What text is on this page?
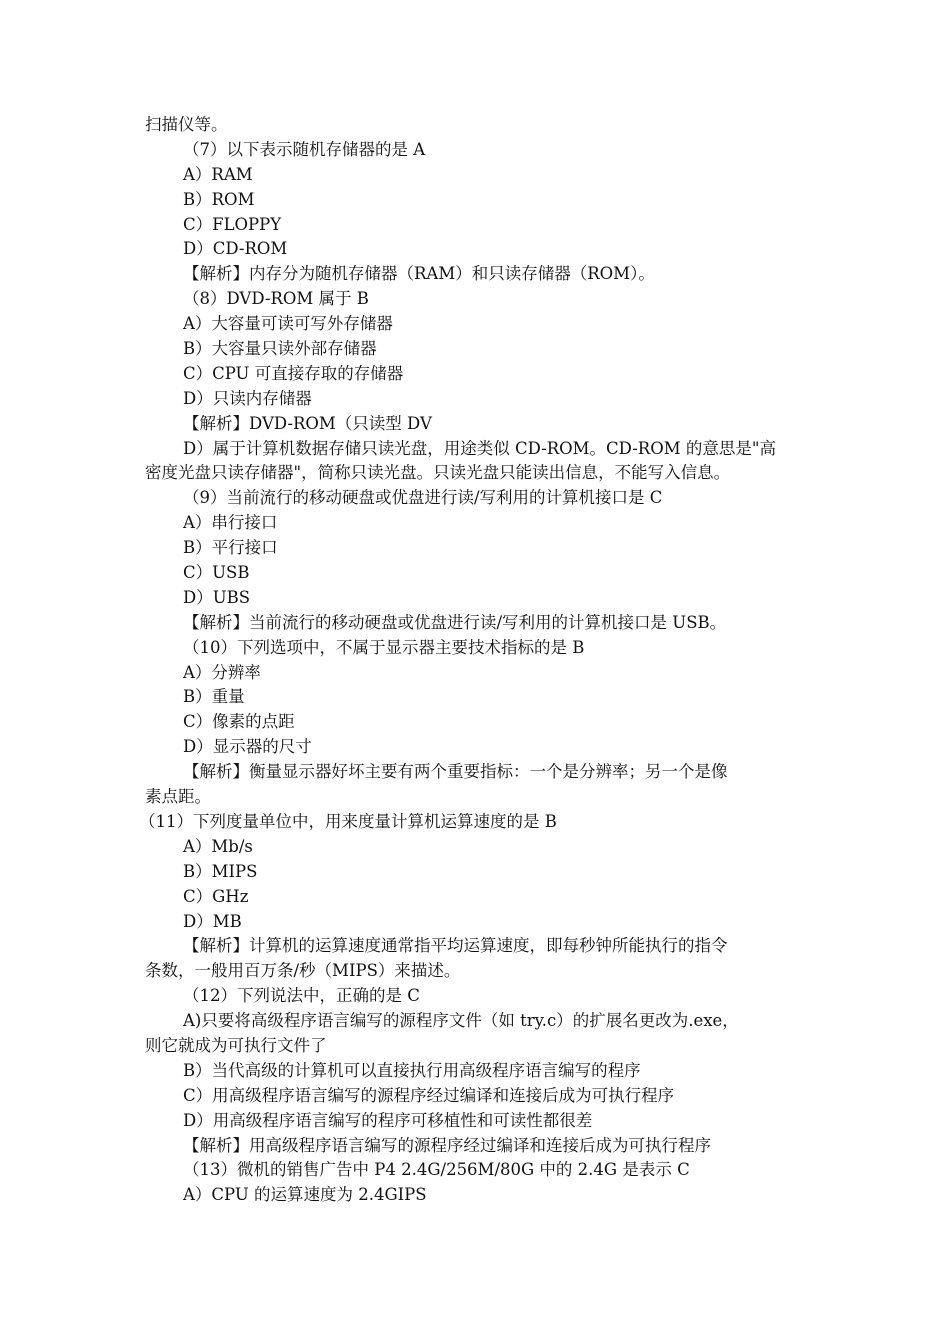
扫描仪等。
（7）以下表示随机存储器的是 A
A）RAM
B）ROM
C）FLOPPY
D）CD-ROM
【解析】内存分为随机存储器（RAM）和只读存储器（ROM）。
（8）DVD-ROM 属于 B
A）大容量可读可写外存储器
B）大容量只读外部存储器
C）CPU 可直接存取的存储器
D）只读内存储器
【解析】DVD-ROM（只读型 DV
D）属于计算机数据存储只读光盘，用途类似 CD-ROM。CD-ROM 的意思是"高
密度光盘只读存储器"，简称只读光盘。只读光盘只能读出信息，不能写入信息。
（9）当前流行的移动硬盘或优盘进行读/写利用的计算机接口是 C
A）串行接口
B）平行接口
C）USB
D）UBS
【解析】当前流行的移动硬盘或优盘进行读/写利用的计算机接口是 USB。
（10）下列选项中，不属于显示器主要技术指标的是 B
A）分辨率
B）重量
C）像素的点距
D）显示器的尺寸
【解析】衡量显示器好坏主要有两个重要指标：一个是分辨率；另一个是像
素点距。
（11）下列度量单位中，用来度量计算机运算速度的是 B
A）Mb/s
B）MIPS
C）GHz
D）MB
【解析】计算机的运算速度通常指平均运算速度，即每秒钟所能执行的指令
条数，一般用百万条/秒（MIPS）来描述。
（12）下列说法中，正确的是 C
A)只要将高级程序语言编写的源程序文件（如 try.c）的扩展名更改为.exe，
则它就成为可执行文件了
B）当代高级的计算机可以直接执行用高级程序语言编写的程序
C）用高级程序语言编写的源程序经过编译和连接后成为可执行程序
D）用高级程序语言编写的程序可移植性和可读性都很差
【解析】用高级程序语言编写的源程序经过编译和连接后成为可执行程序
（13）微机的销售广告中 P4 2.4G/256M/80G 中的 2.4G 是表示 C
A）CPU 的运算速度为 2.4GIPS
